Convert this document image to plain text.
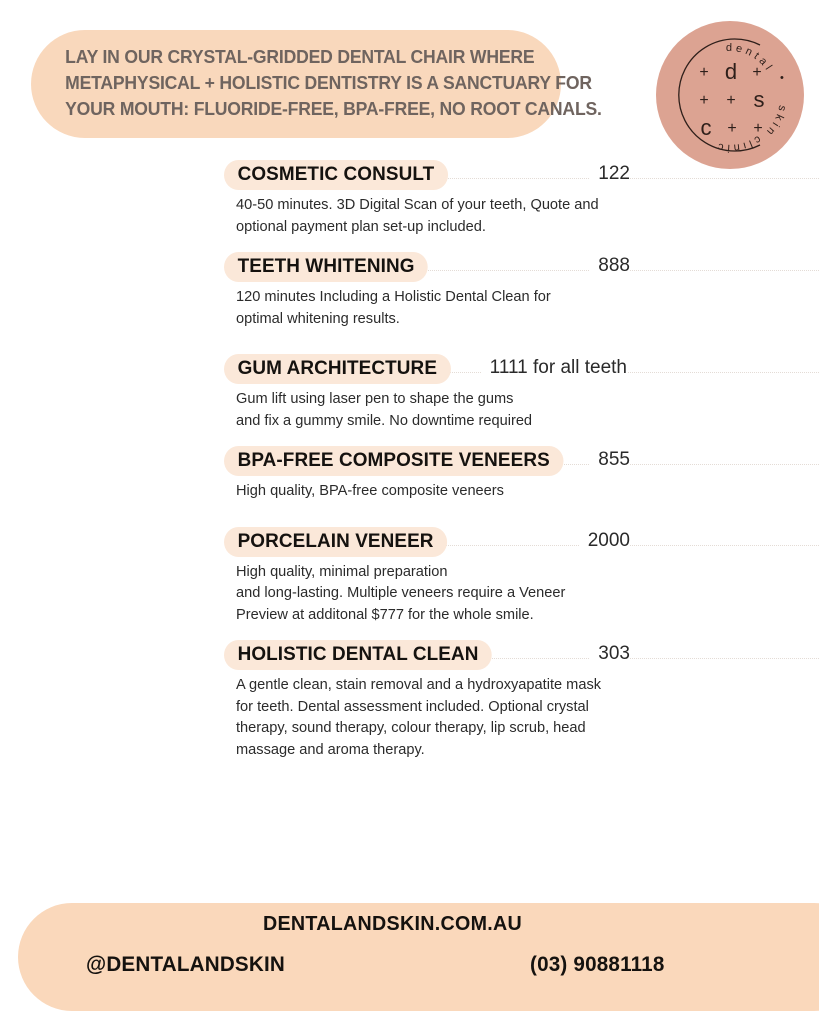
LAY IN OUR CRYSTAL-GRIDDED DENTAL CHAIR WHERE
METAPHYSICAL + HOLISTIC DENTISTRY IS A SANCTUARY FOR
YOUR MOUTH: FLUORIDE-FREE, BPA-FREE, NO ROOT CANALS.
dental
skin
clinic
•
+ d +
+ + s
c + +
COSMETIC CONSULT	122
40-50 minutes. 3D Digital Scan of your teeth, Quote and
optional payment plan set-up included.
TEETH WHITENING	888
120 minutes Including a Holistic Dental Clean for
optimal whitening results.
GUM ARCHITECTURE	1111 for all teeth
Gum lift using laser pen to shape the gums
and fix a gummy smile. No downtime required
BPA-FREE COMPOSITE VENEERS	855
High quality, BPA-free composite veneers
PORCELAIN VENEER	2000
High quality, minimal preparation
and long-lasting. Multiple veneers require a Veneer
Preview at additonal $777 for the whole smile.
HOLISTIC DENTAL CLEAN	303
A gentle clean, stain removal and a hydroxyapatite mask
for teeth. Dental assessment included. Optional crystal
therapy, sound therapy, colour therapy, lip scrub, head
massage and aroma therapy.
DENTALANDSKIN.COM.AU
@DENTALANDSKIN	(03) 90881118
